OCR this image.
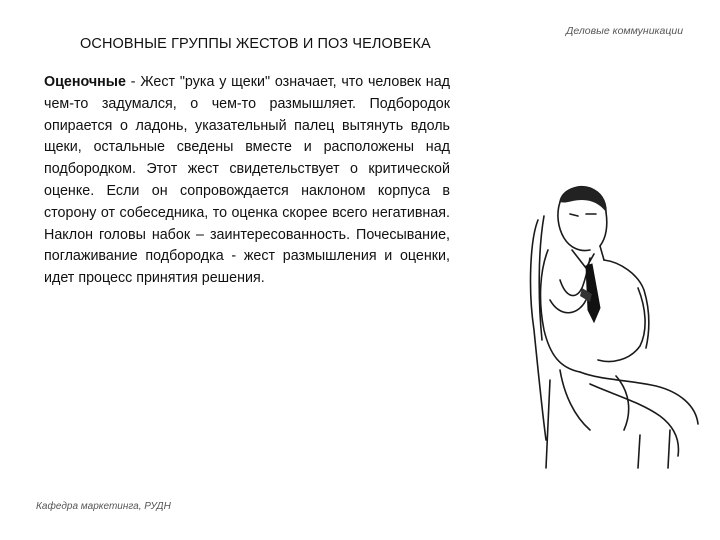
ОСНОВНЫЕ ГРУППЫ ЖЕСТОВ И ПОЗ ЧЕЛОВЕКА
Деловые коммуникации
Оценочные - Жест "рука у щеки" означает, что человек над чем-то задумался, о чем-то размышляет. Подбородок опирается о ладонь, указательный палец вытянуть вдоль щеки, остальные сведены вместе и расположены над подбородком. Этот жест свидетельствует о критической оценке. Если он сопровождается наклоном корпуса в сторону от собеседника, то оценка скорее всего негативная. Наклон головы набок – заинтересованность. Почесывание, поглаживание подбородка - жест размышления и оценки, идет процесс принятия решения.
Кафедра маркетинга, РУДН
